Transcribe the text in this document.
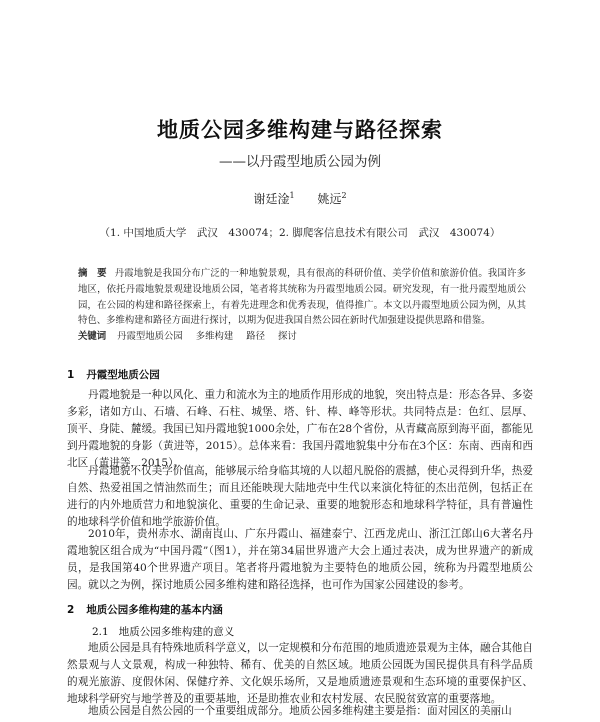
地质公园多维构建与路径探索
——以丹霞型地质公园为例
谢廷淦$^1$ 姚远$^2$
（1. 中国地质大学　武汉　430074；2. 脚爬客信息技术有限公司　武汉　430074）
摘　要 丹霞地貌是我国分布广泛的一种地貌景观，具有很高的科研价值、美学价值和旅游价值。我国许多地区，依托丹霞地貌景观建设地质公园，笔者将其统称为丹霞型地质公园。研究发现，有一批丹霞型地质公园，在公园的构建和路径探索上，有着先进理念和优秀表现，值得推广。本文以丹霞型地质公园为例，从其特色、多维构建和路径方面进行探讨，以期为促进我国自然公园在新时代加强建设提供思路和借鉴。
关键词 丹霞型地质公园 多维构建 路径 探讨
1 丹霞型地质公园

丹霞地貌是一种以风化、重力和流水为主的地质作用形成的地貌，突出特点是：形态各异、多姿多彩，诸如方山、石墙、石峰、石柱、城堡、塔、针、棒、峰等形状。共同特点是：色红、层厚、顶平、身陡、麓缓。我国已知丹霞地貌1000余处，广布在28个省份，从青藏高原到海平面，都能见到丹霞地貌的身影（黄进等，2015）。总体来看：我国丹霞地貌集中分布在3个区：东南、西南和西北区（黄进等，2015）。

丹霞地貌不仅美学价值高，能够展示给身临其境的人以超凡脱俗的震撼，使心灵得到升华，热爱自然、热爱祖国之情油然而生；而且还能映现大陆地壳中生代以来演化特征的杰出范例，包括正在进行的内外地质营力和地貌演化、重要的生命记录、重要的地貌形态和地球科学特征，具有普遍性的地球科学价值和地学旅游价值。

2010年，贵州赤水、湖南崀山、广东丹霞山、福建泰宁、江西龙虎山、浙江江郎山6大著名丹霞地貌区组合成为“中国丹霞”（图1），并在第34届世界遗产大会上通过表决，成为世界遗产的新成员，是我国第40个世界遗产项目。笔者将丹霞地貌为主要特色的地质公园，统称为丹霞型地质公园。就以之为例，探讨地质公园多维构建和路径选择，也可作为国家公园建设的参考。

2 地质公园多维构建的基本内涵
2.1 地质公园多维构建的意义

地质公园是具有特殊地质科学意义，以一定规模和分布范围的地质遗迹景观为主体，融合其他自然景观与人文景观，构成一种独特、稀有、优美的自然区域。地质公园既为国民提供具有科学品质的观光旅游、度假休闲、保健疗养、文化娱乐场所，又是地质遗迹景观和生态环境的重要保护区、地球科学研究与地学普及的重要基地，还是助推农业和农村发展、农民脱贫致富的重要落地。

地质公园是自然公园的一个重要组成部分。地质公园多维构建主要是指：面对园区的美丽山
